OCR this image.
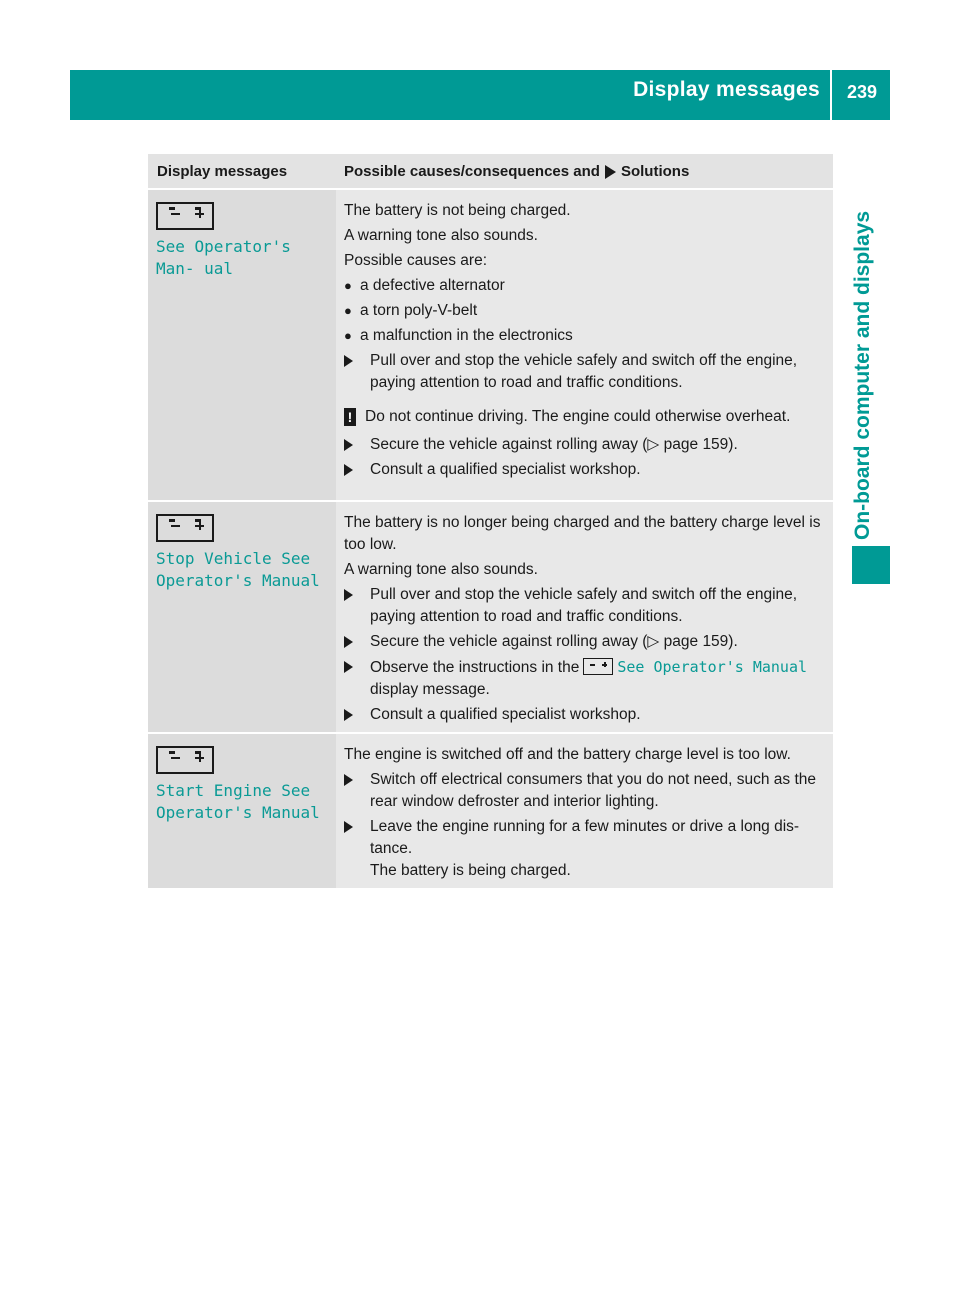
Display messages	239
On-board computer and displays
Display messages	Possible causes/consequences and Solutions
See Operator's Man‑ ual

The battery is not being charged.

A warning tone also sounds.

Possible causes are:

● a defective alternator
● a torn poly-V-belt
● a malfunction in the electronics
Pull over and stop the vehicle safely and switch off the engine, paying attention to road and traffic conditions.
! Do not continue driving. The engine could otherwise overheat.
Secure the vehicle against rolling away (▷ page 159).
Consult a qualified specialist workshop.
Stop Vehicle See Operator's Manual

The battery is no longer being charged and the battery charge level is too low.

A warning tone also sounds.

Pull over and stop the vehicle safely and switch off the engine, paying attention to road and traffic conditions.
Secure the vehicle against rolling away (▷ page 159).
Observe the instructions in the	See Operator's Manual display message.
Consult a qualified specialist workshop.
Start Engine See Operator's Manual

The engine is switched off and the battery charge level is too low.

Switch off electrical consumers that you do not need, such as the rear window defroster and interior lighting.
Leave the engine running for a few minutes or drive a long dis‑ tance.
The battery is being charged.
